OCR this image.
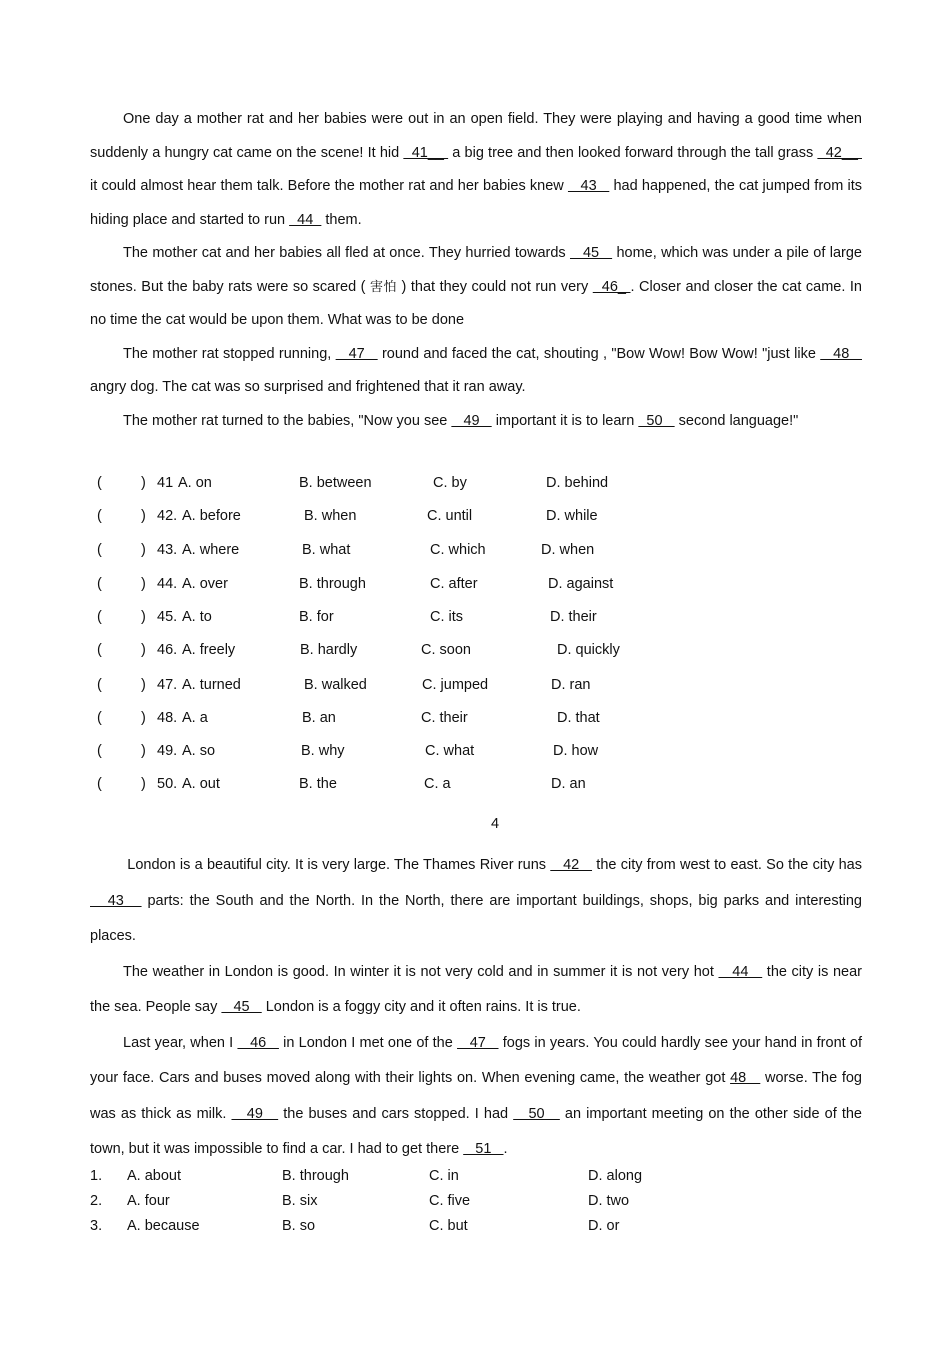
One day a mother rat and her babies were out in an open field. They were playing and having a good time when suddenly a hungry cat came on the scene! It hid   41__  a big tree and then looked forward through the tall grass   42__  it could almost hear them talk. Before the mother rat and her babies knew    43    had happened, the cat jumped from its hiding place and started to run   44   them.
The mother cat and her babies all fled at once. They hurried towards    45    home, which was under a pile of large stones. But the baby rats were so scared ( 害怕 ) that they could not run very   46_ . Closer and closer the cat came. In no time the cat would be upon them. What was to be done
The mother rat stopped running,    47    round and faced the cat, shouting , "Bow Wow! Bow Wow! "just like    48    angry dog. The cat was so surprised and frightened that it ran away.
The mother rat turned to the babies, "Now you see    49    important it is to learn   50    second language!"

(	) 41 A. on	B. between	C. by	D. behind
(	) 42. A. before	B. when	C. until	D. while
(	) 43. A. where	B. what	C. which	D. when
(	) 44. A. over	B. through	C. after	D. against
(	) 45. A. to	B. for	C. its	D. their
(	) 46. A. freely	B. hardly	C. soon	D. quickly
(	) 47. A. turned	B. walked	C. jumped	D. ran
(	) 48. A. a	B. an	C. their	D. that
(	) 49. A. so	B. why	C. what	D. how
(	) 50. A. out	B. the	C. a	D. an
4

London is a beautiful city. It is very large. The Thames River runs    42    the city from west to east. So the city has    43    parts: the South and the North. In the North, there are important buildings, shops, big parks and interesting places.
The weather in London is good. In winter it is not very cold and in summer it is not very hot    44    the city is near the sea. People say    45    London is a foggy city and it often rains. It is true.
Last year, when I    46    in London I met one of the    47    fogs in years. You could hardly see your hand in front of your face. Cars and buses moved along with their lights on. When evening came, the weather got 48    worse. The fog was as thick as milk.    49    the buses and cars stopped. I had    50    an important meeting on the other side of the town, but it was impossible to find a car. I had to get there    51   .

1. A. about	B. through	C. in	D. along
2. A. four	B. six	C. five	D. two
3. A. because	B. so	C. but	D. or
